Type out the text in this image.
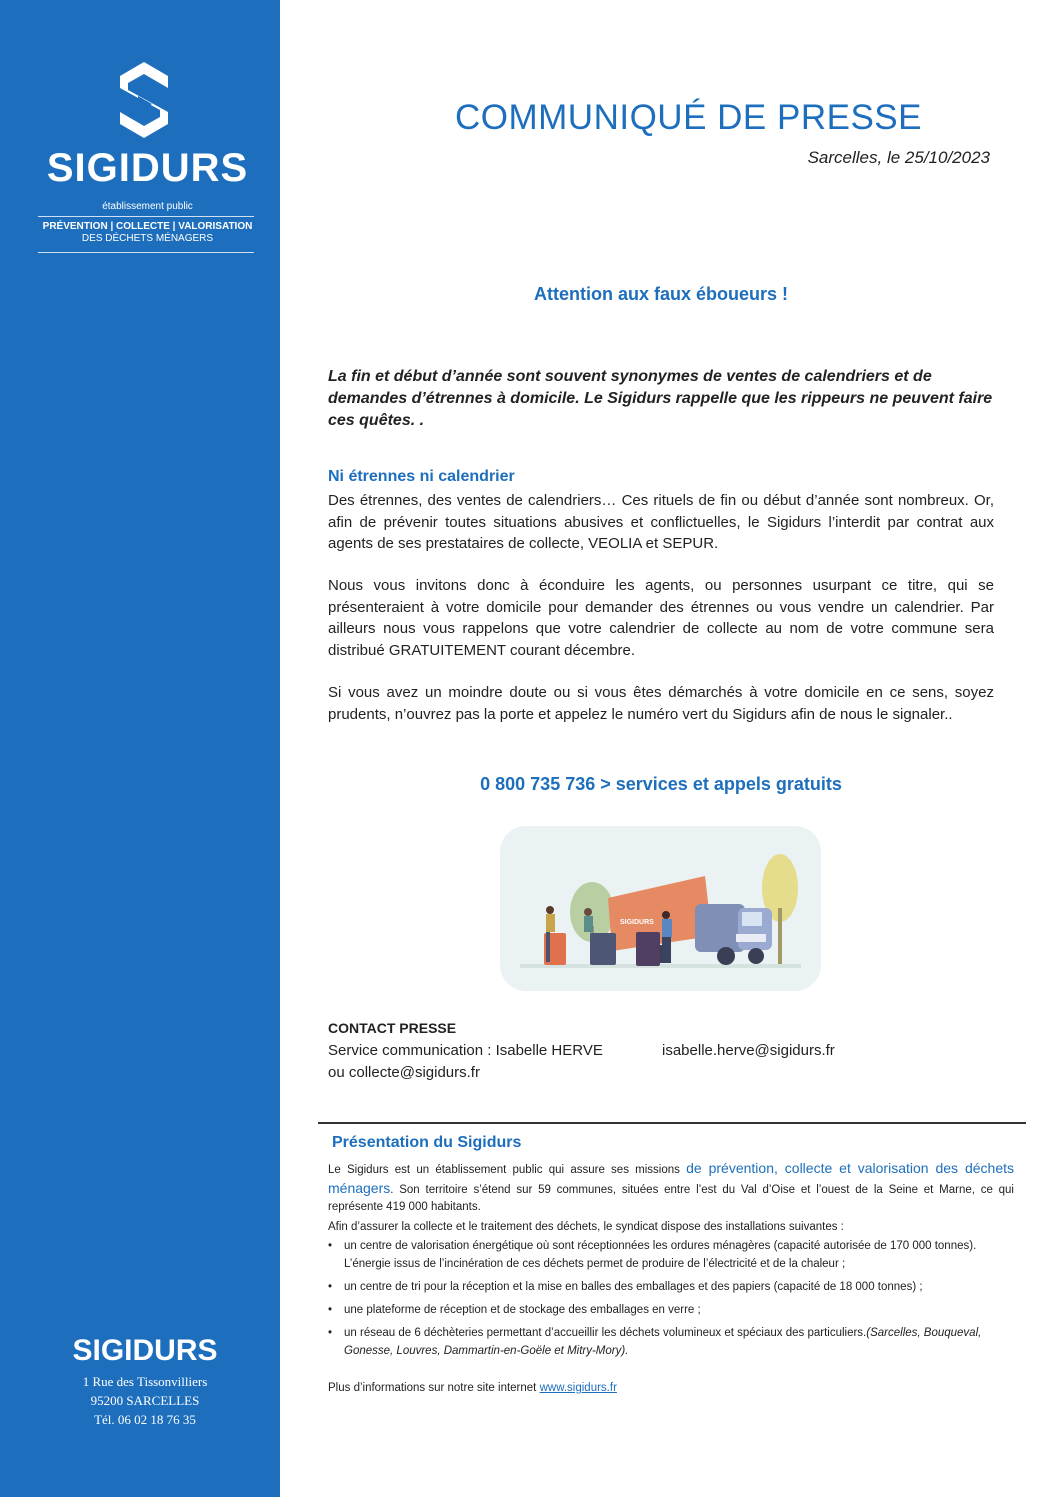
SIGIDURS
établissement public
PRÉVENTION | COLLECTE | VALORISATION
DES DÉCHETS MÉNAGERS
SIGIDURS
1 Rue des Tissonvilliers
95200 SARCELLES
Tél. 06 02 18 76 35
COMMUNIQUÉ DE PRESSE
Sarcelles, le 25/10/2023
Attention aux faux éboueurs !
La fin et début d’année sont souvent synonymes de ventes de calendriers et de demandes d’étrennes à domicile. Le Sigidurs rappelle que les rippeurs ne peuvent faire ces quêtes. .
Ni étrennes ni calendrier
Des étrennes, des ventes de calendriers… Ces rituels de fin ou début d’année sont nombreux. Or, afin de prévenir toutes situations abusives et conflictuelles, le Sigidurs l’interdit par contrat aux agents de ses prestataires de collecte, VEOLIA et SEPUR.
Nous vous invitons donc à éconduire les agents, ou personnes usurpant ce titre, qui se présenteraient à votre domicile pour demander des étrennes ou vous vendre un calendrier. Par ailleurs nous vous rappelons que votre calendrier de collecte au nom de votre commune sera distribué GRATUITEMENT courant décembre.
Si vous avez un moindre doute ou si vous êtes démarchés à votre domicile en ce sens, soyez prudents, n’ouvrez pas la porte et appelez le numéro vert du Sigidurs afin de nous le signaler..
0 800 735 736 > services et appels gratuits
SIGIDURS
CONTACT PRESSE
Service communication : Isabelle HERVE	isabelle.herve@sigidurs.fr
ou collecte@sigidurs.fr
Présentation du Sigidurs
Le Sigidurs est un établissement public qui assure ses missions de prévention, collecte et valorisation des déchets ménagers. Son territoire s’étend sur 59 communes, situées entre l’est du Val d’Oise et l’ouest de la Seine et Marne, ce qui représente 419 000 habitants.
Afin d’assurer la collecte et le traitement des déchets, le syndicat dispose des installations suivantes :
• un centre de valorisation énergétique où sont réceptionnées les ordures ménagères (capacité autorisée de 170 000 tonnes). L’énergie issus de l’incinération de ces déchets permet de produire de l’électricité et de la chaleur ;
• un centre de tri pour la réception et la mise en balles des emballages et des papiers (capacité de 18 000 tonnes) ;
• une plateforme de réception et de stockage des emballages en verre ;
• un réseau de 6 déchèteries permettant d’accueillir les déchets volumineux et spéciaux des particuliers.(Sarcelles, Bouqueval, Gonesse, Louvres, Dammartin-en-Goële et Mitry-Mory).
Plus d’informations sur notre site internet www.sigidurs.fr
